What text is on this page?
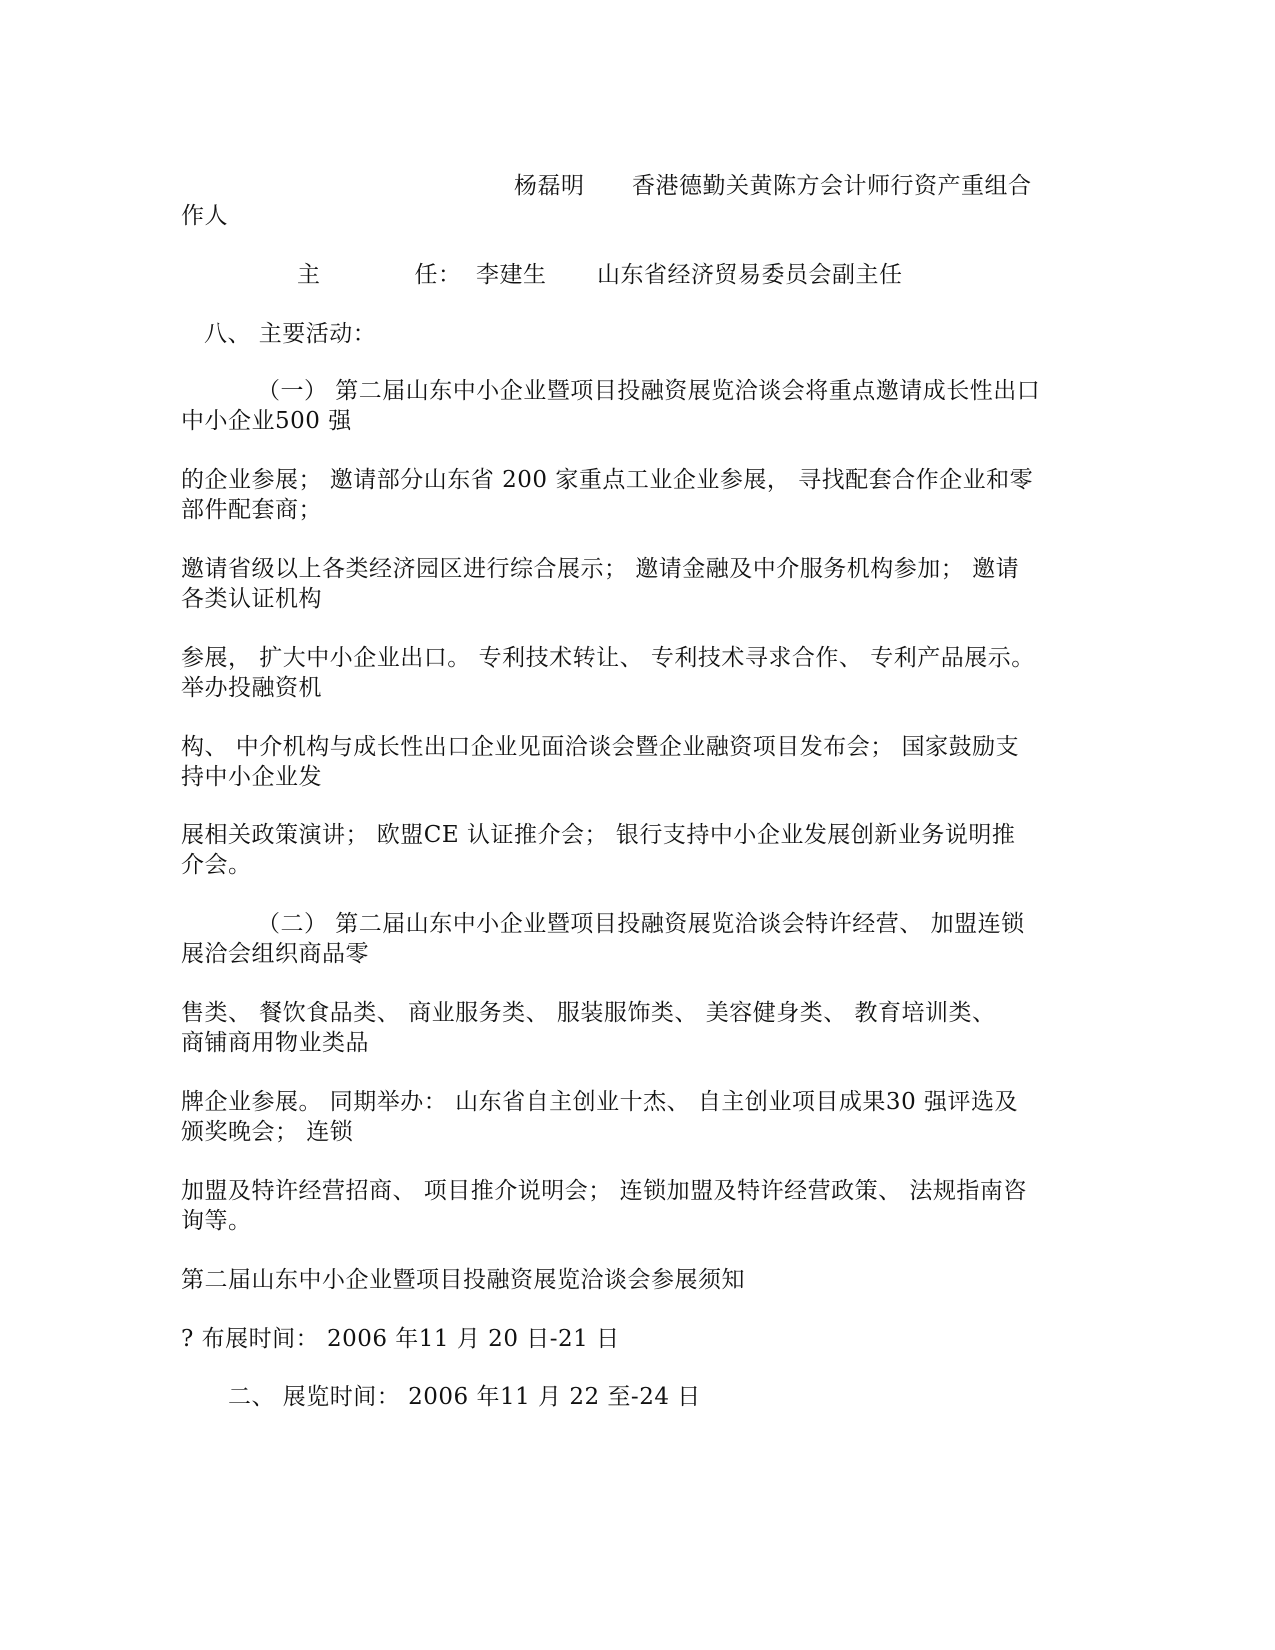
杨磊明 香港德勤关黄陈方会计师行资产重组合
作人
主　　　　任： 李建生 山东省经济贸易委员会副主任
八、 主要活动：
（一） 第二届山东中小企业暨项目投融资展览洽谈会将重点邀请成长性出口
中小企业500 强
的企业参展； 邀请部分山东省 200 家重点工业企业参展， 寻找配套合作企业和零
部件配套商；
邀请省级以上各类经济园区进行综合展示； 邀请金融及中介服务机构参加； 邀请
各类认证机构
参展， 扩大中小企业出口。 专利技术转让、 专利技术寻求合作、 专利产品展示。
举办投融资机
构、 中介机构与成长性出口企业见面洽谈会暨企业融资项目发布会； 国家鼓励支
持中小企业发
展相关政策演讲； 欧盟CE 认证推介会； 银行支持中小企业发展创新业务说明推
介会。
（二） 第二届山东中小企业暨项目投融资展览洽谈会特许经营、 加盟连锁
展洽会组织商品零
售类、 餐饮食品类、 商业服务类、 服装服饰类、 美容健身类、 教育培训类、
商铺商用物业类品
牌企业参展。 同期举办： 山东省自主创业十杰、 自主创业项目成果30 强评选及
颁奖晚会； 连锁
加盟及特许经营招商、 项目推介说明会； 连锁加盟及特许经营政策、 法规指南咨
询等。
第二届山东中小企业暨项目投融资展览洽谈会参展须知
? 布展时间： 2006 年11 月 20 日-21 日
二、 展览时间： 2006 年11 月 22 至-24 日
